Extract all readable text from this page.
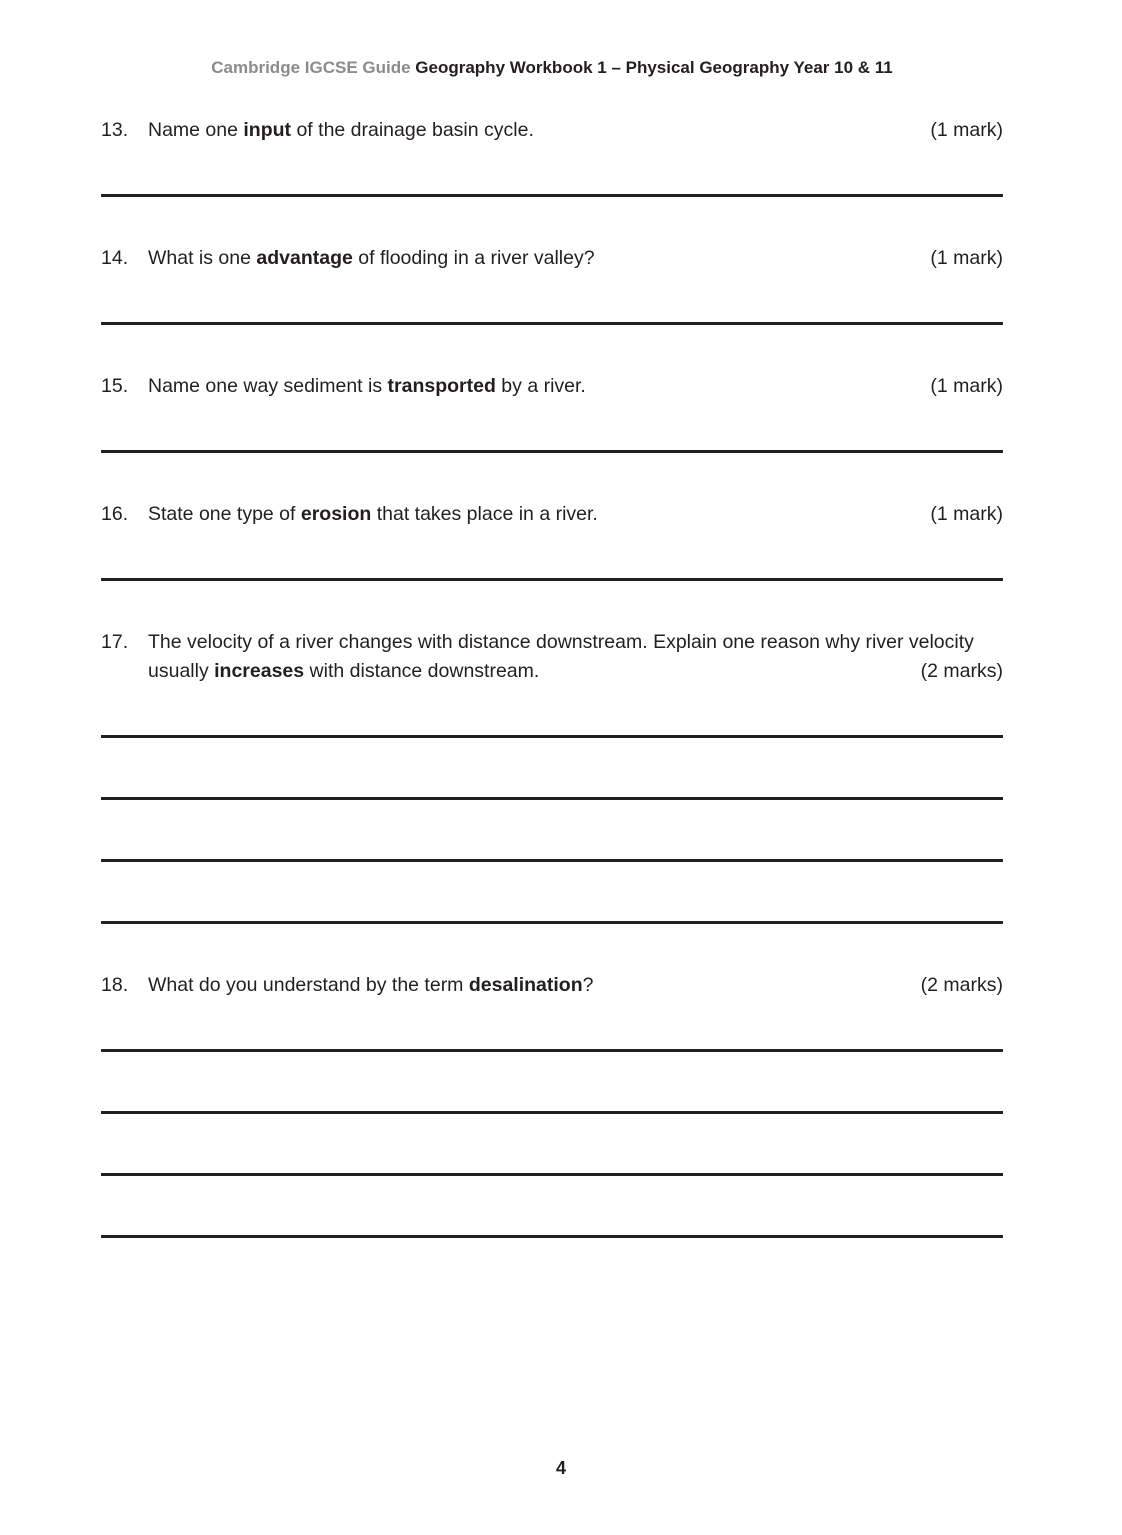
Cambridge IGCSE Guide Geography Workbook 1 – Physical Geography Year 10 & 11
13.	Name one input of the drainage basin cycle.	(1 mark)
14.	What is one advantage of flooding in a river valley?	(1 mark)
15.	Name one way sediment is transported by a river.	(1 mark)
16.	State one type of erosion that takes place in a river.	(1 mark)
17.	The velocity of a river changes with distance downstream. Explain one reason why river velocity usually increases with distance downstream.	(2 marks)
18.	What do you understand by the term desalination?	(2 marks)
4
